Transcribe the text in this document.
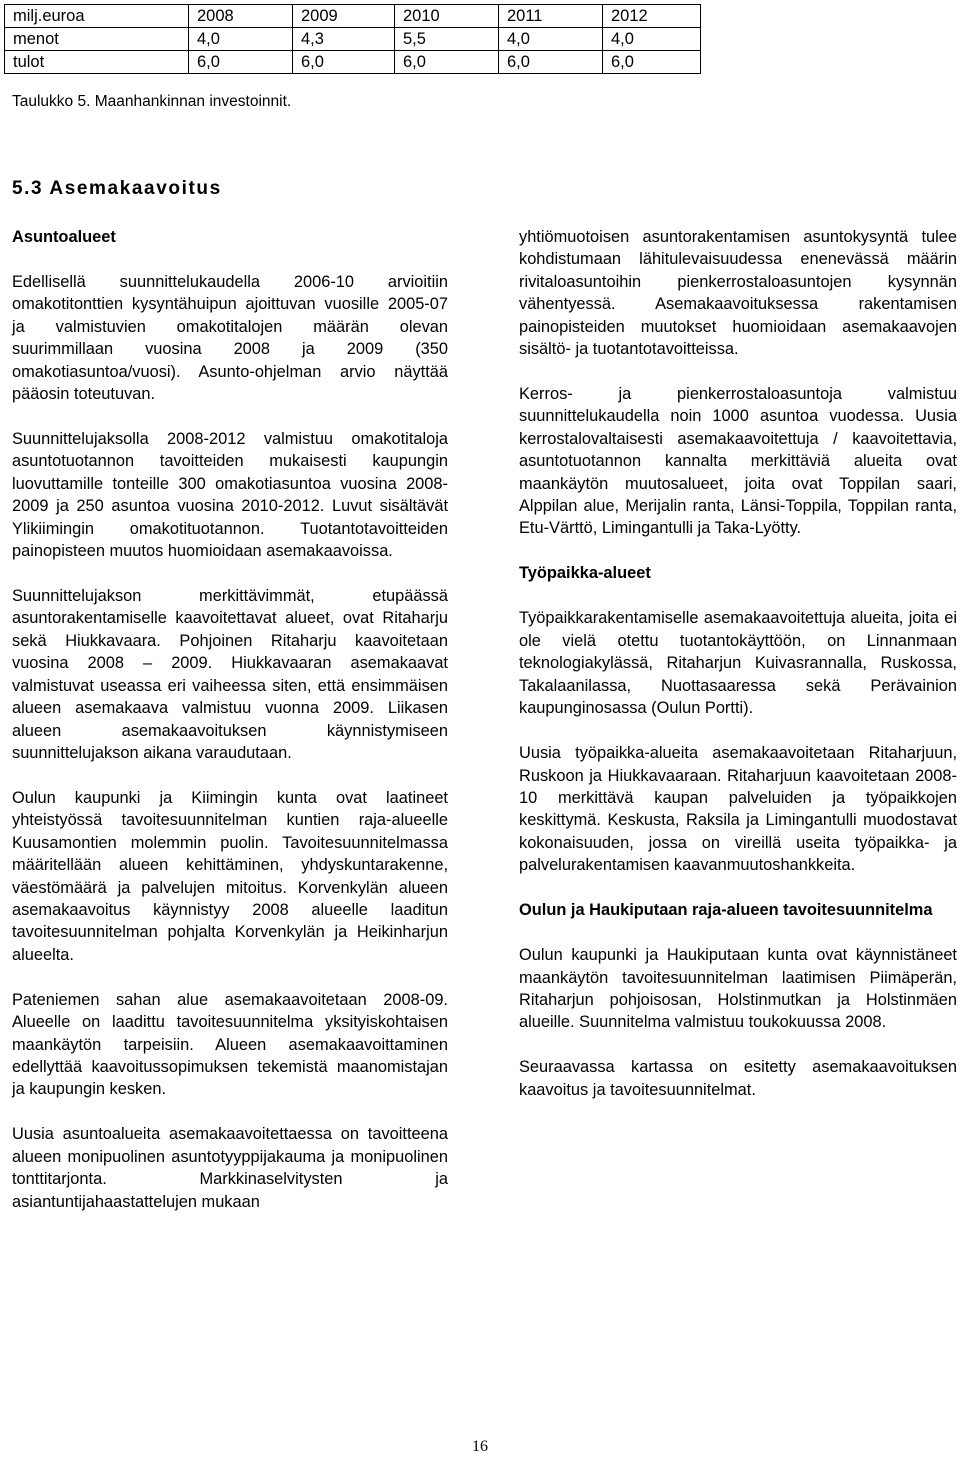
milj.euroa	2008	2009	2010	2011	2012
menot	4,0	4,3	5,5	4,0	4,0
tulot	6,0	6,0	6,0	6,0	6,0
Taulukko 5. Maanhankinnan investoinnit.
5.3 Asemakaavoitus

Asuntoalueet

Edellisellä suunnittelukaudella 2006-10 arvioitiin omakotitonttien kysyntähuipun ajoittuvan vuosille 2005-07 ja valmistuvien omakotitalojen määrän olevan suurimmillaan vuosina 2008 ja 2009 (350 omakotiasuntoa/vuosi). Asunto-ohjelman arvio näyttää pääosin toteutuvan.

Suunnittelujaksolla 2008-2012 valmistuu omakotitaloja asuntotuotannon tavoitteiden mukaisesti kaupungin luovuttamille tonteille 300 omakotiasuntoa vuosina 2008-2009 ja 250 asuntoa vuosina 2010-2012. Luvut sisältävät Ylikiimingin omakotituotannon. Tuotantotavoitteiden painopisteen muutos huomioidaan asemakaavoissa.

Suunnittelujakson merkittävimmät, etupäässä asuntorakentamiselle kaavoitettavat alueet, ovat Ritaharju sekä Hiukkavaara. Pohjoinen Ritaharju kaavoitetaan vuosina 2008 – 2009. Hiukkavaaran asemakaavat valmistuvat useassa eri vaiheessa siten, että ensimmäisen alueen asemakaava valmistuu vuonna 2009. Liikasen alueen asemakaavoituksen käynnistymiseen suunnittelujakson aikana varaudutaan.

Oulun kaupunki ja Kiimingin kunta ovat laatineet yhteistyössä tavoitesuunnitelman kuntien raja-alueelle Kuusamontien molemmin puolin. Tavoitesuunnitelmassa määritellään alueen kehittäminen, yhdyskuntarakenne, väestömäärä ja palvelujen mitoitus. Korvenkylän alueen asemakaavoitus käynnistyy 2008 alueelle laaditun tavoitesuunnitelman pohjalta Korvenkylän ja Heikinharjun alueelta.

Pateniemen sahan alue asemakaavoitetaan 2008-09. Alueelle on laadittu tavoitesuunnitelma yksityiskohtaisen maankäytön tarpeisiin. Alueen asemakaavoittaminen edellyttää kaavoitussopimuksen tekemistä maanomistajan ja kaupungin kesken.

Uusia asuntoalueita asemakaavoitettaessa on tavoitteena alueen monipuolinen asuntotyyppijakauma ja monipuolinen tonttitarjonta. Markkinaselvitysten ja asiantuntijahaastattelujen mukaan

yhtiömuotoisen asuntorakentamisen asuntokysyntä tulee kohdistumaan lähitulevaisuudessa enenevässä määrin rivitaloasuntoihin pienkerrostaloasuntojen kysynnän vähentyessä. Asemakaavoituksessa rakentamisen painopisteiden muutokset huomioidaan asemakaavojen sisältö- ja tuotantotavoitteissa.

Kerros- ja pienkerrostaloasuntoja valmistuu suunnittelukaudella noin 1000 asuntoa vuodessa. Uusia kerrostalovaltaisesti asemakaavoitettuja / kaavoitettavia, asuntotuotannon kannalta merkittäviä alueita ovat maankäytön muutosalueet, joita ovat Toppilan saari, Alppilan alue, Merijalin ranta, Länsi-Toppila, Toppilan ranta, Etu-Värttö, Limingantulli ja Taka-Lyötty.

Työpaikka-alueet

Työpaikkarakentamiselle asemakaavoitettuja alueita, joita ei ole vielä otettu tuotantokäyttöön, on Linnanmaan teknologiakylässä, Ritaharjun Kuivasrannalla, Ruskossa, Takalaanilassa, Nuottasaaressa sekä Perävainion kaupunginosassa (Oulun Portti).

Uusia työpaikka-alueita asemakaavoitetaan Ritaharjuun, Ruskoon ja Hiukkavaaraan. Ritaharjuun kaavoitetaan 2008-10 merkittävä kaupan palveluiden ja työpaikkojen keskittymä. Keskusta, Raksila ja Limingantulli muodostavat kokonaisuuden, jossa on vireillä useita työpaikka- ja palvelurakentamisen kaavanmuutoshankkeita.

Oulun ja Haukiputaan raja-alueen tavoitesuunnitelma

Oulun kaupunki ja Haukiputaan kunta ovat käynnistäneet maankäytön tavoitesuunnitelman laatimisen Piimäperän, Ritaharjun pohjoisosan, Holstinmutkan ja Holstinmäen alueille. Suunnitelma valmistuu toukokuussa 2008.

Seuraavassa kartassa on esitetty asemakaavoituksen kaavoitus ja tavoitesuunnitelmat.

16
